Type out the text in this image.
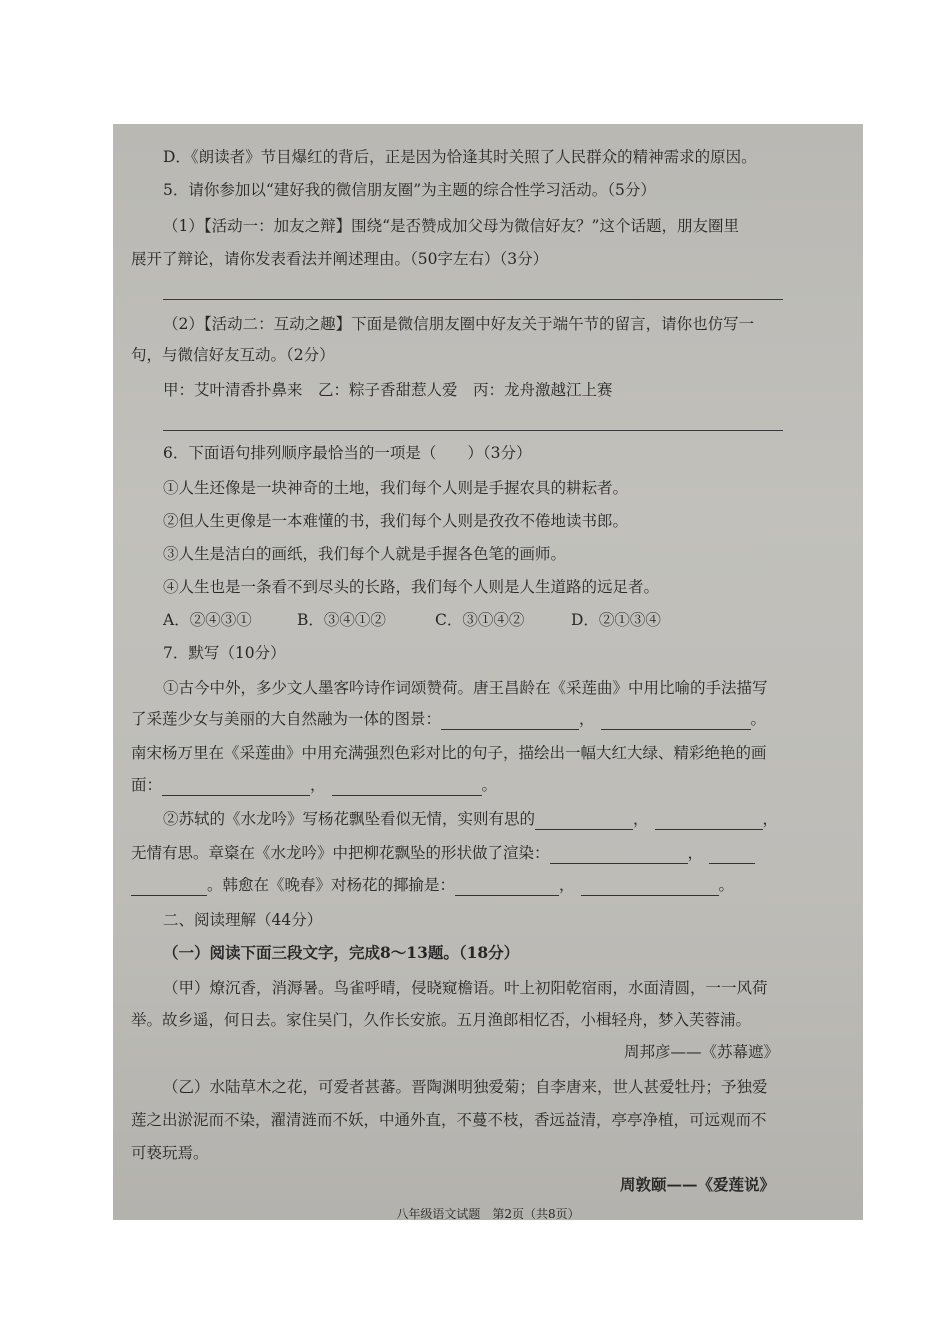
D．《朗读者》节目爆红的背后，正是因为恰逢其时关照了人民群众的精神需求的原因。
5．请你参加以“建好我的微信朋友圈”为主题的综合性学习活动。（5分）
（1）【活动一：加友之辩】围绕“是否赞成加父母为微信好友？”这个话题，朋友圈里
展开了辩论，请你发表看法并阐述理由。（50字左右）（3分）
（2）【活动二：互动之趣】下面是微信朋友圈中好友关于端午节的留言，请你也仿写一
句，与微信好友互动。（2分）
甲：艾叶清香扑鼻来　乙：粽子香甜惹人爱　丙：龙舟激越江上赛
6．下面语句排列顺序最恰当的一项是（　　）（3分）
①人生还像是一块神奇的土地，我们每个人则是手握农具的耕耘者。
②但人生更像是一本难懂的书，我们每个人则是孜孜不倦地读书郎。
③人生是洁白的画纸，我们每个人就是手握各色笔的画师。
④人生也是一条看不到尽头的长路，我们每个人则是人生道路的远足者。
A．②④③①	B．③④①②	C．③①④②	D．②①③④
7．默写（10分）
①古今中外，多少文人墨客吟诗作词颂赞荷。唐王昌龄在《采莲曲》中用比喻的手法描写
了采莲少女与美丽的大自然融为一体的图景：	，	。
南宋杨万里在《采莲曲》中用充满强烈色彩对比的句子，描绘出一幅大红大绿、精彩绝艳的画
面：	，	。
②苏轼的《水龙吟》写杨花飘坠看似无情，实则有思的	，	，
无情有思。章楶在《水龙吟》中把柳花飘坠的形状做了渲染：	，
。韩愈在《晚春》对杨花的揶揄是：	，	。
二、阅读理解（44分）
（一）阅读下面三段文字，完成8～13题。（18分）
（甲）燎沉香，消溽暑。鸟雀呼晴，侵晓窥檐语。叶上初阳乾宿雨，水面清圆，一一风荷
举。故乡遥，何日去。家住吴门，久作长安旅。五月渔郎相忆否，小楫轻舟，梦入芙蓉浦。
周邦彦——《苏幕遮》
（乙）水陆草木之花，可爱者甚蕃。晋陶渊明独爱菊；自李唐来，世人甚爱牡丹；予独爱
莲之出淤泥而不染，濯清涟而不妖，中通外直，不蔓不枝，香远益清，亭亭净植，可远观而不
可亵玩焉。
周敦颐——《爱莲说》
八年级语文试题　第2页（共8页）
